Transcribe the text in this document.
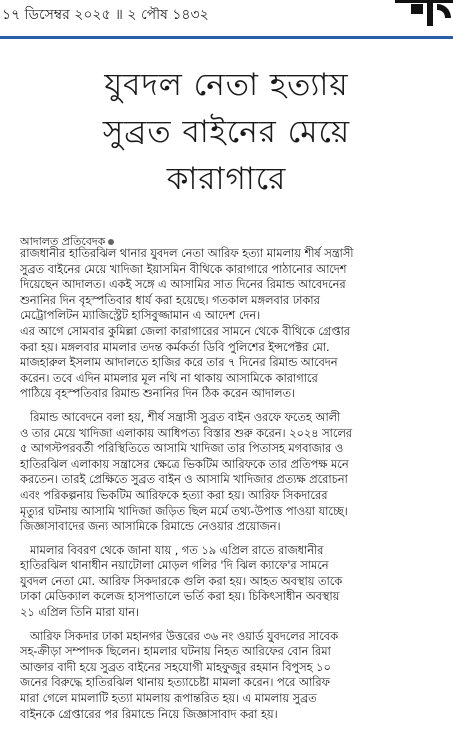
১৭ ডিসেম্বর ২০২৫ ॥ ২ পৌষ ১৪৩২
যুবদল নেতা হত্যায়
সুব্রত বাইনের মেয়ে
কারাগারে
আদালত প্রতিবেদক
রাজধানীর হাতিরঝিল থানার যুবদল নেতা আরিফ হত্যা মামলায় শীর্ষ সন্ত্রাসী
সুব্রত বাইনের মেয়ে খাদিজা ইয়াসমিন বীথিকে কারাগারে পাঠানোর আদেশ
দিয়েছেন আদালত। একই সঙ্গে এ আসামির সাত দিনের রিমান্ড আবেদনের
শুনানির দিন বৃহস্পতিবার ধার্য করা হয়েছে। গতকাল মঙ্গলবার ঢাকার
মেট্রোপলিটন ম্যাজিস্ট্রেট হাসিবুজ্জামান এ আদেশ দেন।
এর আগে সোমবার কুমিল্লা জেলা কারাগারের সামনে থেকে বীথিকে গ্রেপ্তার
করা হয়। মঙ্গলবার মামলার তদন্ত কর্মকর্তা ডিবি পুলিশের ইন্সপেক্টর মো.
মাজহারুল ইসলাম আদালতে হাজির করে তার ৭ দিনের রিমান্ড আবেদন
করেন। তবে এদিন মামলার মূল নথি না থাকায় আসামিকে কারাগারে
পাঠিয়ে বৃহস্পতিবার রিমান্ড শুনানির দিন ঠিক করেন আদালত।
রিমান্ড আবেদনে বলা হয়, শীর্ষ সন্ত্রাসী সুব্রত বাইন ওরফে ফতেহ আলী
ও তার মেয়ে খাদিজা এলাকায় আধিপত্য বিস্তার শুরু করেন। ২০২৪ সালের
৫ আগস্টপরবর্তী পরিস্থিতিতে আসামি খাদিজা তার পিতাসহ মগবাজার ও
হাতিরঝিল এলাকায় সন্ত্রাসের ক্ষেত্রে ভিকটিম আরিফকে তার প্রতিপক্ষ মনে
করতেন। তারই প্রেক্ষিতে সুব্রত বাইন ও আসামি খাদিজার প্রত্যক্ষ প্ররোচনা
এবং পরিকল্পনায় ভিকটিম আরিফকে হত্যা করা হয়। আরিফ সিকদারের
মৃত্যুর ঘটনায় আসামি খাদিজা জড়িত ছিল মর্মে তথ্য-উপাত্ত পাওয়া যাচ্ছে।
জিজ্ঞাসাবাদের জন্য আসামিকে রিমান্ডে নেওয়ার প্রয়োজন।
মামলার বিবরণ থেকে জানা যায় , গত ১৯ এপ্রিল রাতে রাজধানীর
হাতিরঝিল থানাধীন নয়াটোলা মোড়ল গলির 'দি ঝিল ক্যাফে'র সামনে
যুবদল নেতা মো. আরিফ সিকদারকে গুলি করা হয়। আহত অবস্থায় তাকে
ঢাকা মেডিক্যাল কলেজ হাসপাতালে ভর্তি করা হয়। চিকিৎসাধীন অবস্থায়
২১ এপ্রিল তিনি মারা যান।
আরিফ সিকদার ঢাকা মহানগর উত্তরের ৩৬ নং ওয়ার্ড যুবদলের সাবেক
সহ-ক্রীড়া সম্পাদক ছিলেন। হামলার ঘটনায় নিহত আরিফের বোন রিমা
আক্তার বাদী হয়ে সুব্রত বাইনের সহযোগী মাহফুজুর রহমান বিপুসহ ১০
জনের বিরুদ্ধে হাতিরঝিল থানায় হত্যাচেষ্টা মামলা করেন। পরে আরিফ
মারা গেলে মামলাটি হত্যা মামলায় রূপান্তরিত হয়। এ মামলায় সুব্রত
বাইনকে গ্রেপ্তারের পর রিমান্ডে নিয়ে জিজ্ঞাসাবাদ করা হয়।
